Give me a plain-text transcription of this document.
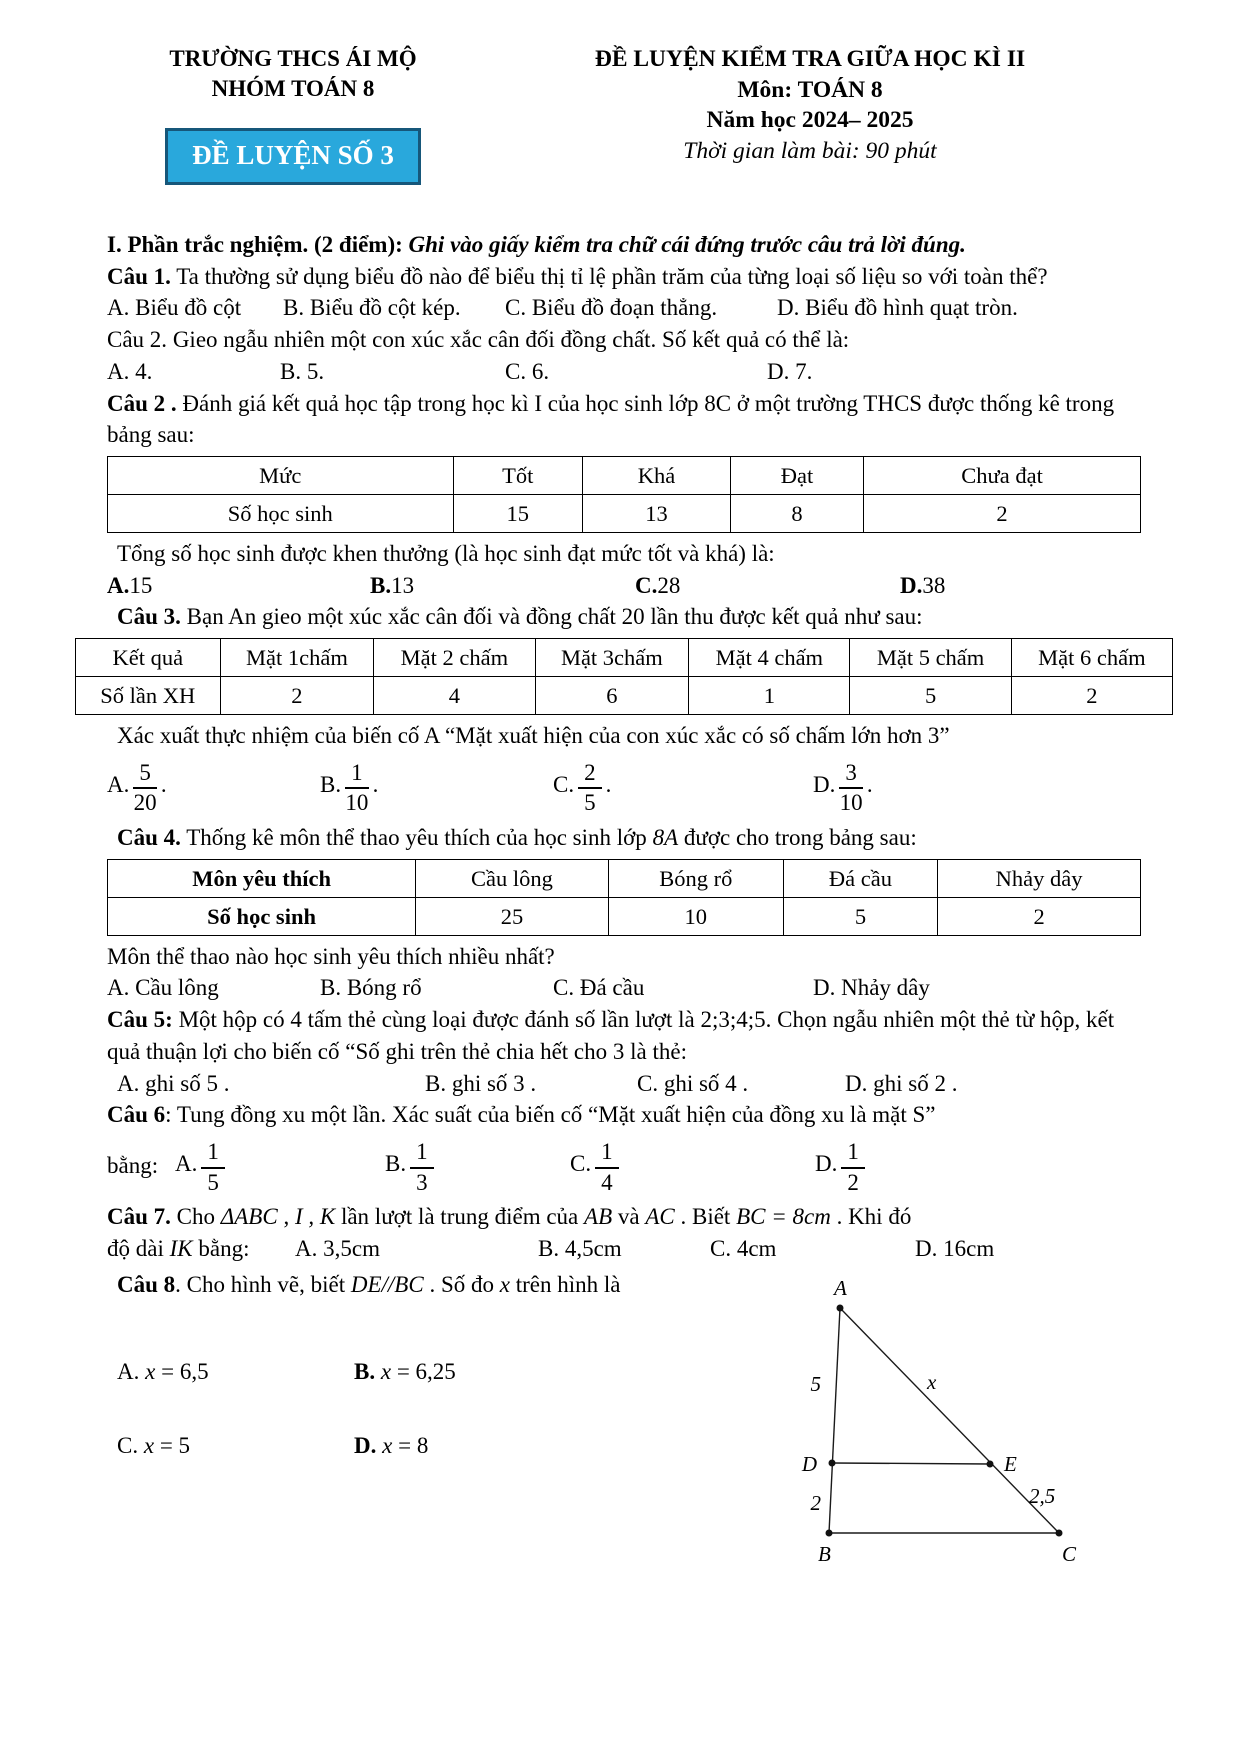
TRƯỜNG THCS ÁI MỘ
NHÓM TOÁN 8
ĐỀ LUYỆN SỐ 3
ĐỀ LUYỆN KIỂM TRA GIỮA HỌC KÌ II
Môn: TOÁN 8
Năm học 2024– 2025
Thời gian làm bài: 90 phút

I. Phần trắc nghiệm. (2 điểm): Ghi vào giấy kiểm tra chữ cái đứng trước câu trả lời đúng.

Câu 1. Ta thường sử dụng biểu đồ nào để biểu thị tỉ lệ phần trăm của từng loại số liệu so với toàn thể?

A. Biểu đồ cột	B. Biểu đồ cột kép.	C. Biểu đồ đoạn thẳng.	D. Biểu đồ hình quạt tròn.

Câu 2. Gieo ngẫu nhiên một con xúc xắc cân đối đồng chất. Số kết quả có thể là:

A. 4.	B. 5.	C. 6.	D. 7.

Câu 2 . Đánh giá kết quả học tập trong học kì I của học sinh lớp 8C ở một trường THCS được thống kê trong bảng sau:

Mức	Tốt	Khá	Đạt	Chưa đạt
Số học sinh	15	13	8	2

Tổng số học sinh được khen thưởng (là học sinh đạt mức tốt và khá) là:

A.15	B.13	C.28	D.38

Câu 3. Bạn An gieo một xúc xắc cân đối và đồng chất 20 lần thu được kết quả như sau:

Kết quả	Mặt 1chấm	Mặt 2 chấm	Mặt 3chấm	Mặt 4 chấm	Mặt 5 chấm	Mặt 6 chấm
Số lần XH	2	4	6	1	5	2

Xác xuất thực nhiệm của biến cố A “Mặt xuất hiện của con xúc xắc có số chấm lớn hơn 3”

A. $\frac{5}{20}$ .	B. $\frac{1}{10}$ .	C. $\frac{2}{5}$ .	D. $\frac{3}{10}$ .

Câu 4. Thống kê môn thể thao yêu thích của học sinh lớp 8A được cho trong bảng sau:

Môn yêu thích	Cầu lông	Bóng rổ	Đá cầu	Nhảy dây
Số học sinh	25	10	5	2

Môn thể thao nào học sinh yêu thích nhiều nhất?

A. Cầu lông	B. Bóng rổ	C. Đá cầu	D. Nhảy dây

Câu 5: Một hộp có 4 tấm thẻ cùng loại được đánh số lần lượt là 2;3;4;5. Chọn ngẫu nhiên một thẻ từ hộp, kết quả thuận lợi cho biến cố “Số ghi trên thẻ chia hết cho 3 là thẻ:

A. ghi số 5 .	B. ghi số 3 .	C. ghi số 4 .	D. ghi số 2 .

Câu 6: Tung đồng xu một lần. Xác suất của biến cố “Mặt xuất hiện của đồng xu là mặt S”

bằng: A. $\frac{1}{5}$	B. $\frac{1}{3}$	C. $\frac{1}{4}$	D. $\frac{1}{2}$

Câu 7. Cho ΔABC , I , K lần lượt là trung điểm của AB và AC . Biết BC = 8cm . Khi đó

độ dài IK bằng:	A. 3,5cm	B. 4,5cm	C. 4cm	D. 16cm

Câu 8. Cho hình vẽ, biết DE//BC . Số đo x trên hình là

A. x = 6,5	B. x = 6,25
C. x = 5	D. x = 8
A
D
B	C
E
5	x
2	2,5
